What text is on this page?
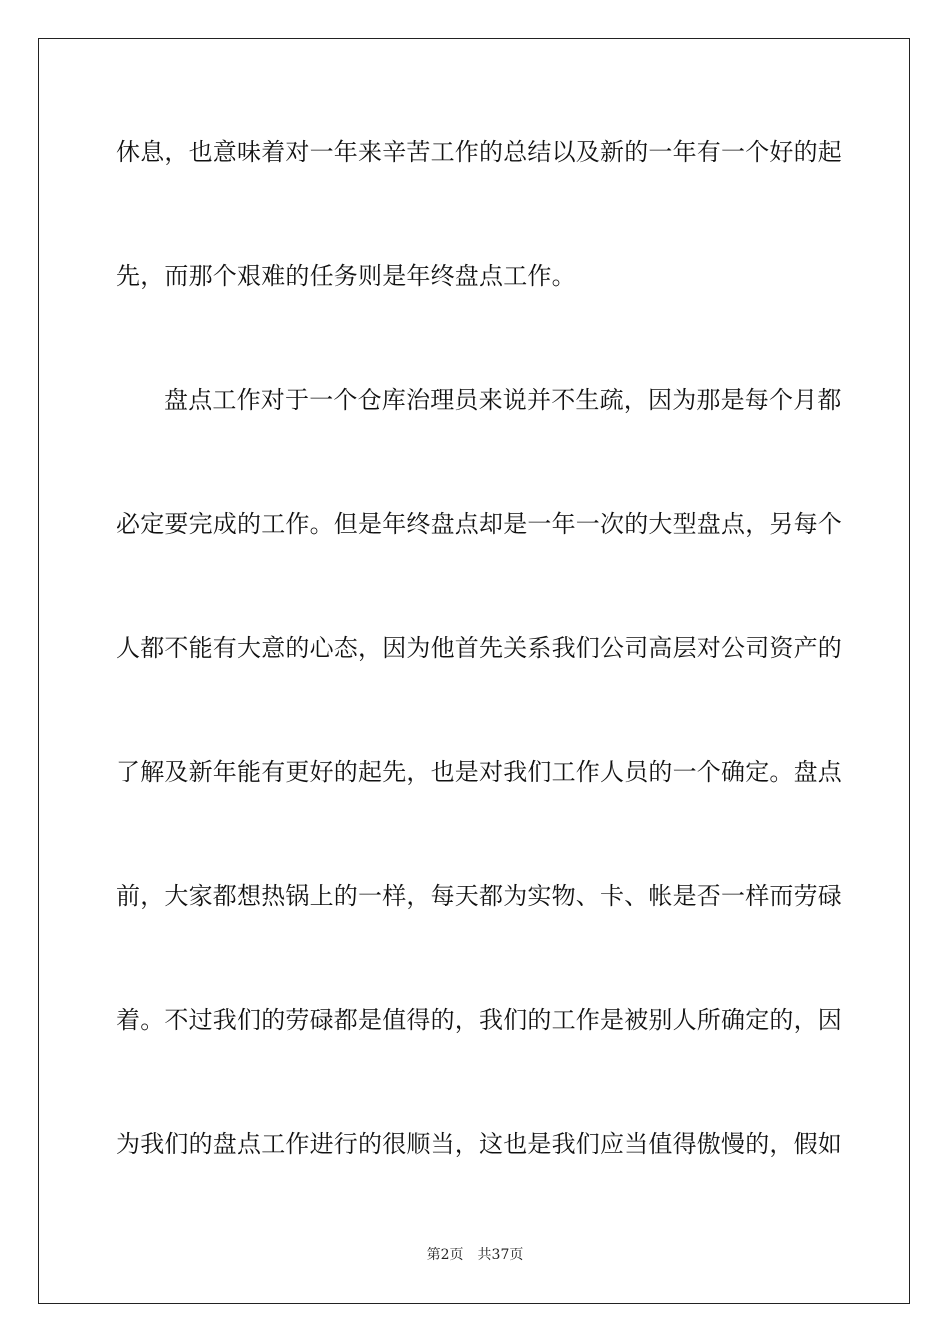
休息，也意味着对一年来辛苦工作的总结以及新的一年有一个好的起
先，而那个艰难的任务则是年终盘点工作。
盘点工作对于一个仓库治理员来说并不生疏，因为那是每个月都
必定要完成的工作。但是年终盘点却是一年一次的大型盘点，另每个
人都不能有大意的心态，因为他首先关系我们公司高层对公司资产的
了解及新年能有更好的起先，也是对我们工作人员的一个确定。盘点
前，大家都想热锅上的一样，每天都为实物、卡、帐是否一样而劳碌
着。不过我们的劳碌都是值得的，我们的工作是被别人所确定的，因
为我们的盘点工作进行的很顺当，这也是我们应当值得傲慢的，假如
第2页 共37页
